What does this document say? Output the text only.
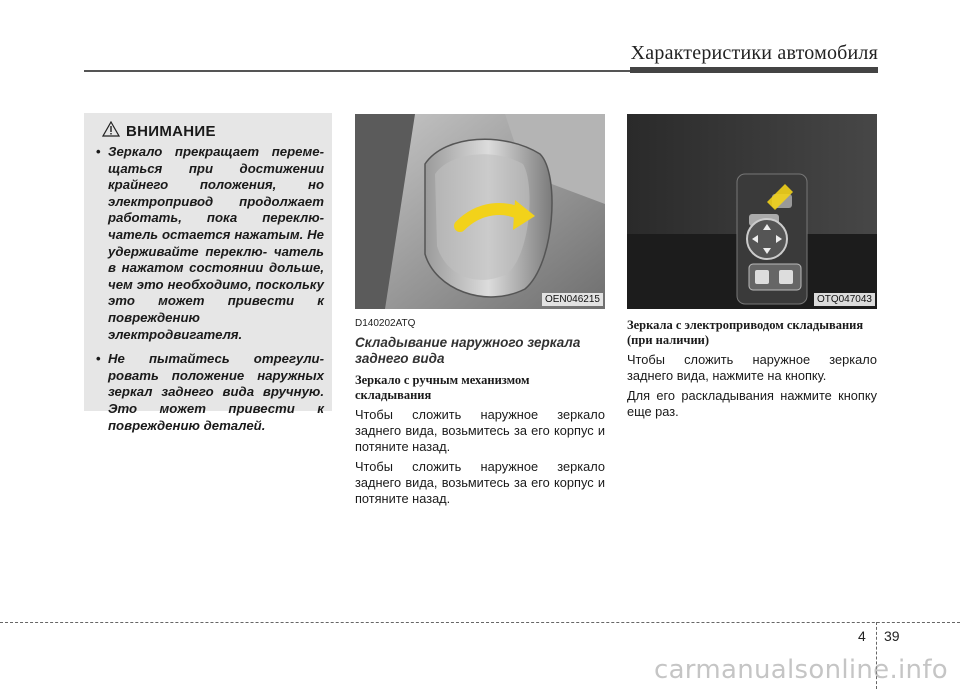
Характеристики автомобиля
ВНИМАНИЕ
• Зеркало прекращает переме- щаться при достижении крайнего положения, но электропривод продолжает работать, пока переклю- чатель остается нажатым. Не удерживайте переклю- чатель в нажатом состоянии дольше, чем это необходимо, поскольку это может привести к повреждению электродвигателя.
• Не пытайтесь отрегули- ровать положение наружных зеркал заднего вида вручную. Это может привести к повреждению деталей.
OEN046215	OTQ047043
D140202ATQ
Складывание наружного зеркала заднего вида
Зеркало с ручным механизмом складывания

Чтобы сложить наружное зеркало заднего вида, возьмитесь за его корпус и потяните назад.

Чтобы сложить наружное зеркало заднего вида, возьмитесь за его корпус и потяните назад.

Зеркала с электроприводом складывания (при наличии)

Чтобы сложить наружное зеркало заднего вида, нажмите на кнопку.

Для его раскладывания нажмите кнопку еще раз.

4 39
carmanualsonline.info
